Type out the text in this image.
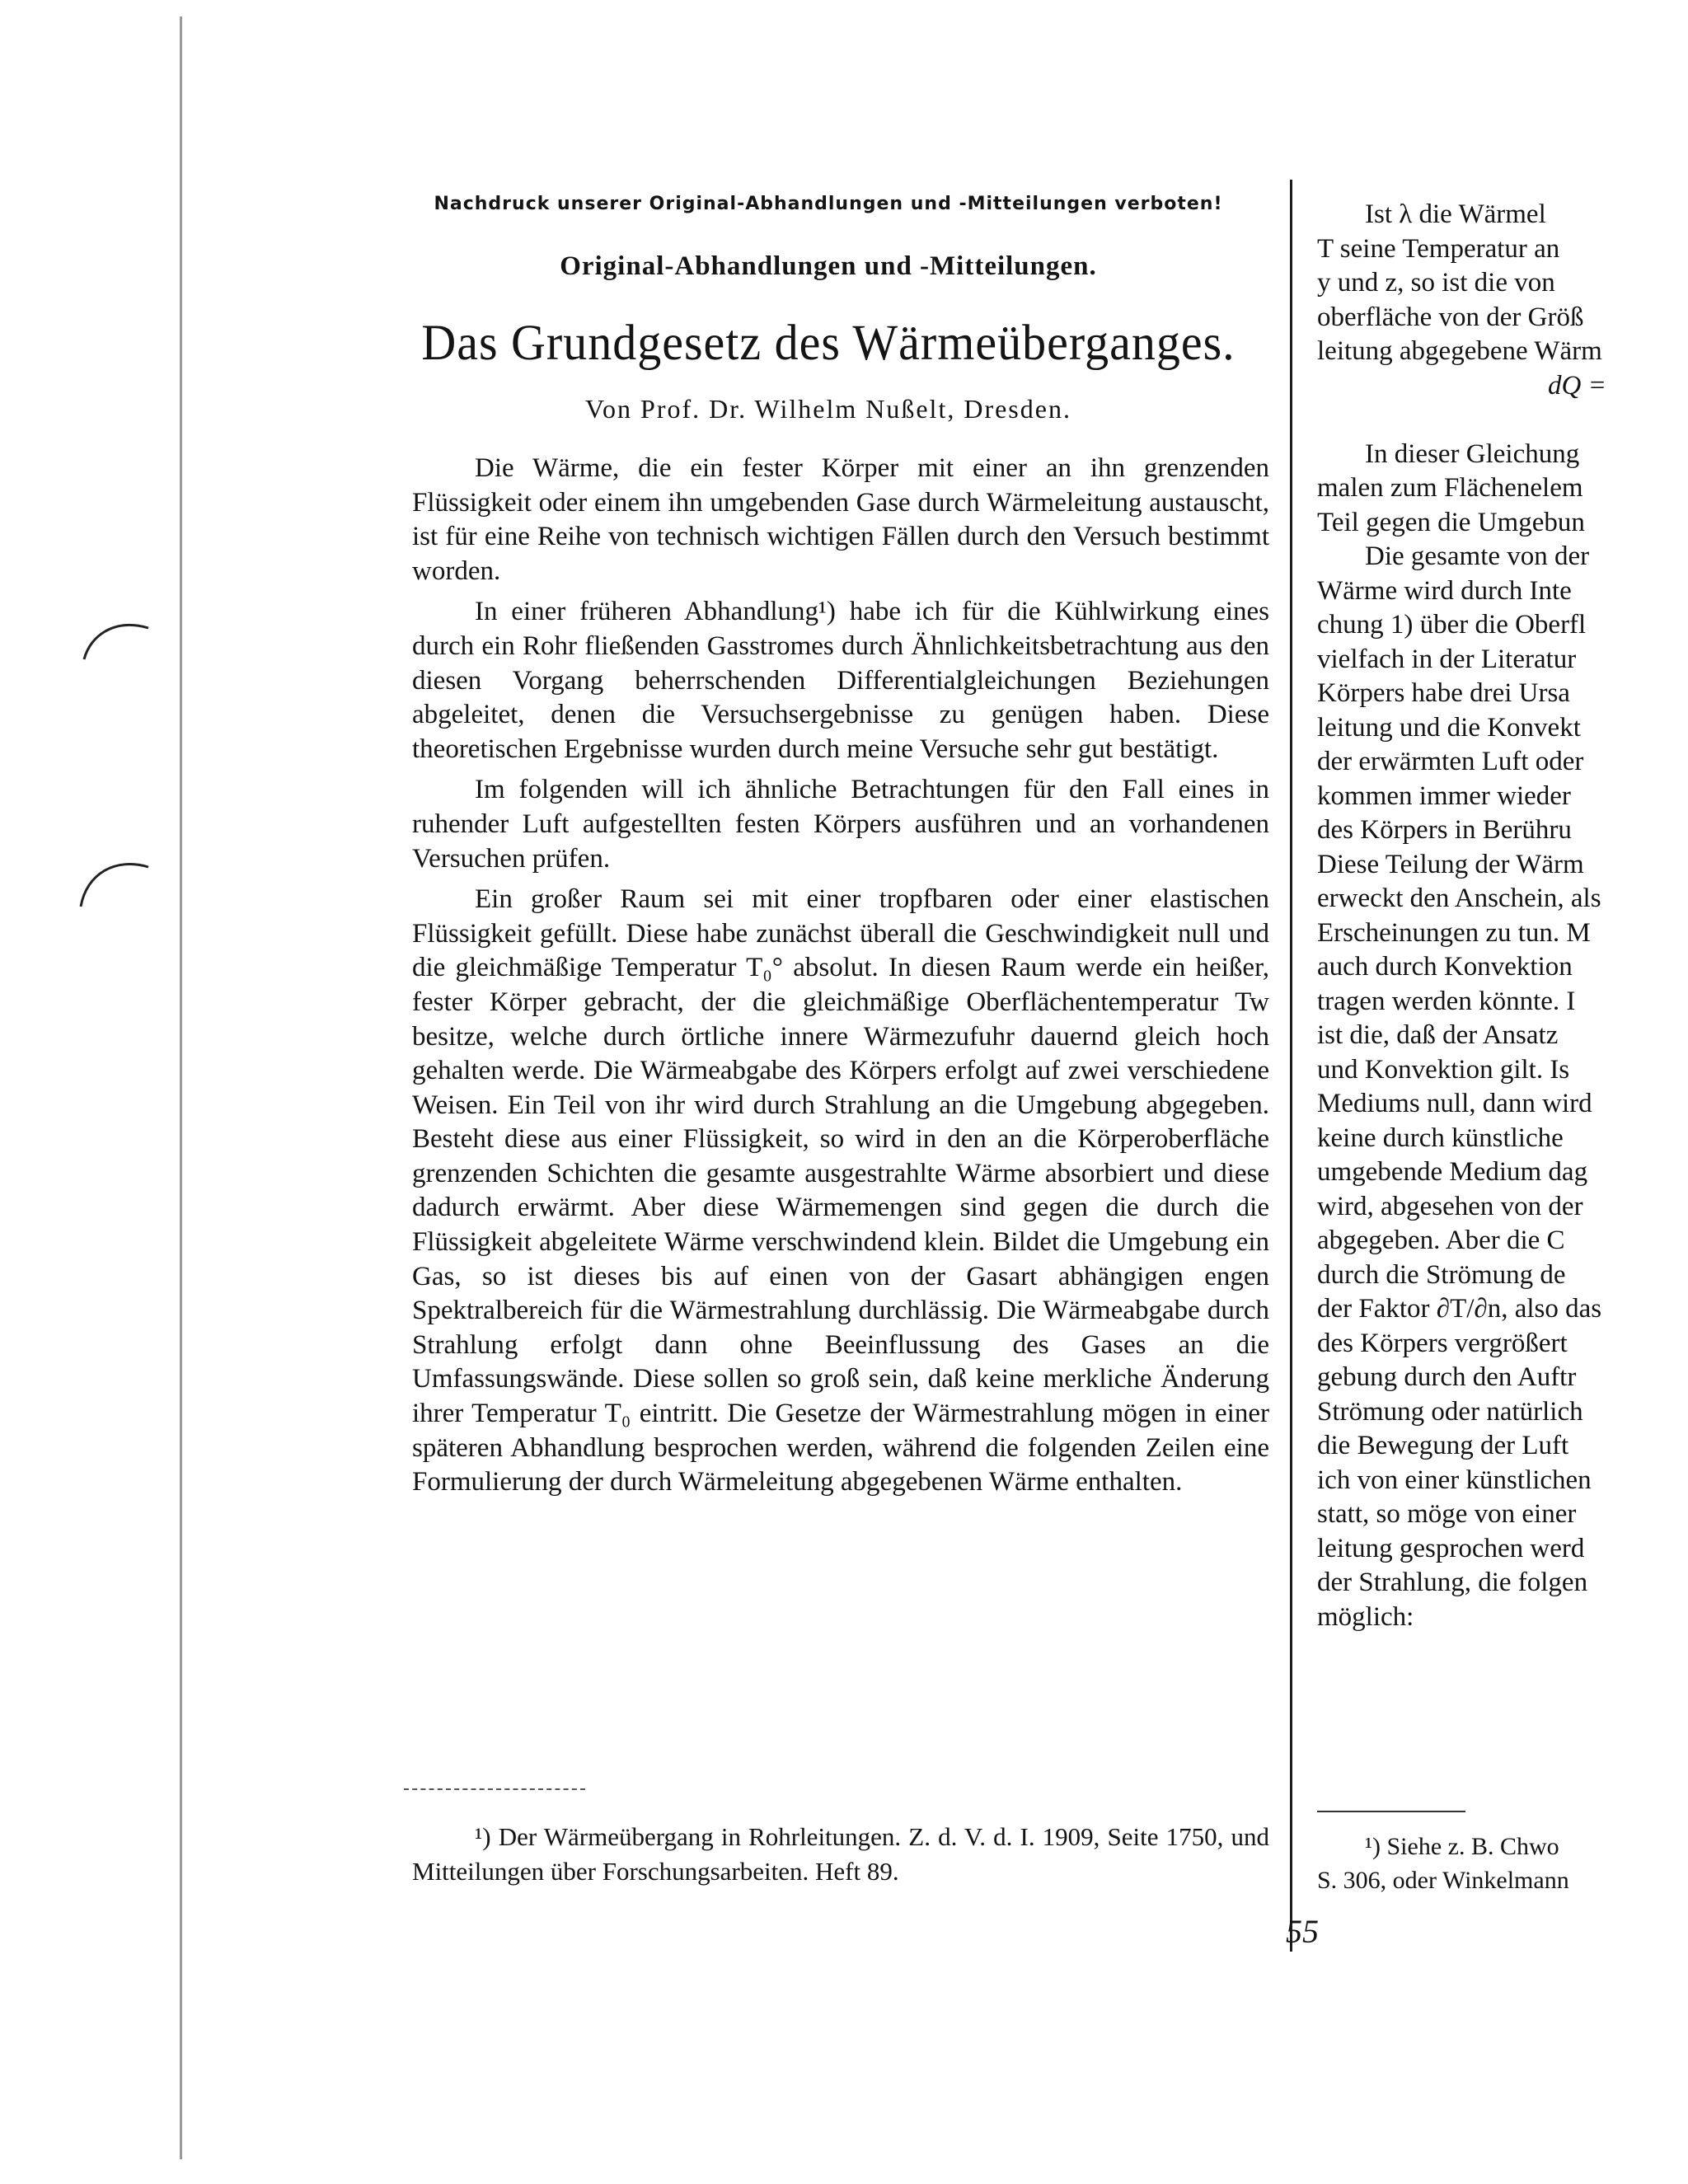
Nachdruck unserer Original-Abhandlungen und -Mitteilungen verboten!
Original-Abhandlungen und -Mitteilungen.
Das Grundgesetz des Wärmeüberganges.
Von Prof. Dr. Wilhelm Nußelt, Dresden.

Die Wärme, die ein fester Körper mit einer an ihn grenzenden Flüssigkeit oder einem ihn umgebenden Gase durch Wärmeleitung austauscht, ist für eine Reihe von technisch wichtigen Fällen durch den Versuch bestimmt worden.

In einer früheren Abhandlung¹) habe ich für die Kühlwirkung eines durch ein Rohr fließenden Gasstromes durch Ähnlichkeitsbetrachtung aus den diesen Vorgang beherrschenden Differentialgleichungen Beziehungen abgeleitet, denen die Versuchsergebnisse zu genügen haben. Diese theoretischen Ergebnisse wurden durch meine Versuche sehr gut bestätigt.

Im folgenden will ich ähnliche Betrachtungen für den Fall eines in ruhender Luft aufgestellten festen Körpers ausführen und an vorhandenen Versuchen prüfen.

Ein großer Raum sei mit einer tropfbaren oder einer elastischen Flüssigkeit gefüllt. Diese habe zunächst überall die Geschwindigkeit null und die gleichmäßige Temperatur T₀° absolut. In diesen Raum werde ein heißer, fester Körper gebracht, der die gleichmäßige Oberflächentemperatur Tw besitze, welche durch örtliche innere Wärmezufuhr dauernd gleich hoch gehalten werde. Die Wärmeabgabe des Körpers erfolgt auf zwei verschiedene Weisen. Ein Teil von ihr wird durch Strahlung an die Umgebung abgegeben. Besteht diese aus einer Flüssigkeit, so wird in den an die Körperoberfläche grenzenden Schichten die gesamte ausgestrahlte Wärme absorbiert und diese dadurch erwärmt. Aber diese Wärmemengen sind gegen die durch die Flüssigkeit abgeleitete Wärme verschwindend klein. Bildet die Umgebung ein Gas, so ist dieses bis auf einen von der Gasart abhängigen engen Spektralbereich für die Wärmestrahlung durchlässig. Die Wärmeabgabe durch Strahlung erfolgt dann ohne Beeinflussung des Gases an die Umfassungswände. Diese sollen so groß sein, daß keine merkliche Änderung ihrer Temperatur T₀ eintritt. Die Gesetze der Wärmestrahlung mögen in einer späteren Abhandlung besprochen werden, während die folgenden Zeilen eine Formulierung der durch Wärmeleitung abgegebenen Wärme enthalten.

¹) Der Wärmeübergang in Rohrleitungen. Z. d. V. d. I. 1909, Seite 1750, und Mitteilungen über Forschungsarbeiten. Heft 89.
Ist λ die Wärmel
T seine Temperatur an
y und z, so ist die von
oberfläche von der Größ
leitung abgegebene Wärm
dQ =
In dieser Gleichung
malen zum Flächenelem
Teil gegen die Umgebun
Die gesamte von der
Wärme wird durch Inte
chung 1) über die Oberfl
vielfach in der Literatur
Körpers habe drei Ursa
leitung und die Konvekt
der erwärmten Luft oder
kommen immer wieder
des Körpers in Berühru
Diese Teilung der Wärm
erweckt den Anschein, als
Erscheinungen zu tun. M
auch durch Konvektion
tragen werden könnte. I
ist die, daß der Ansatz
und Konvektion gilt. Is
Mediums null, dann wird
keine durch künstliche
umgebende Medium dag
wird, abgesehen von der
abgegeben. Aber die C
durch die Strömung de
der Faktor ∂T/∂n, also das
des Körpers vergrößert
gebung durch den Auftr
Strömung oder natürlich
die Bewegung der Luft
ich von einer künstlichen
statt, so möge von einer
leitung gesprochen werd
der Strahlung, die folgen
möglich:
¹) Siehe z. B. Chwo
S. 306, oder Winkelmann
55
